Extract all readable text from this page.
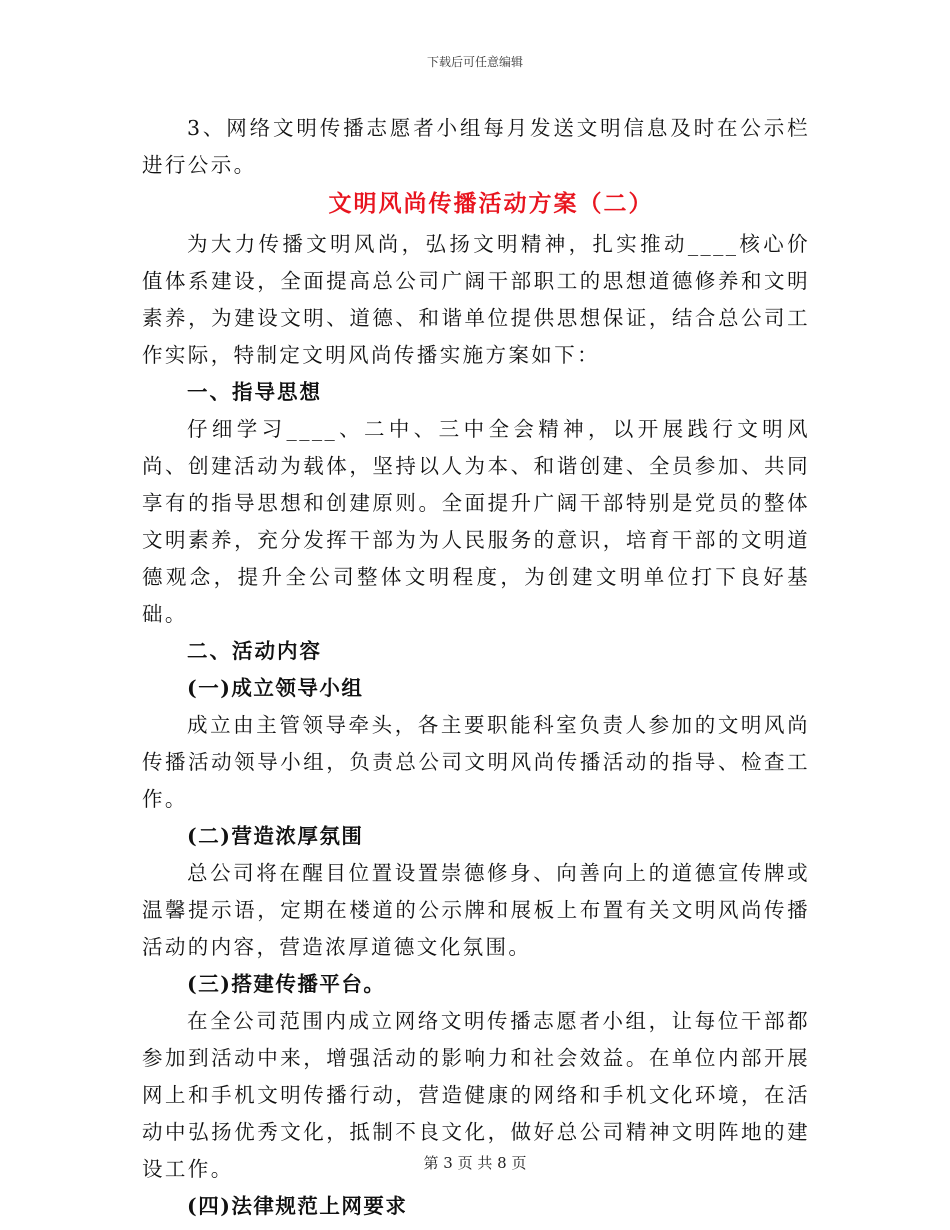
下载后可任意编辑

3、网络文明传播志愿者小组每月发送文明信息及时在公示栏进行公示。

文明风尚传播活动方案（二）

为大力传播文明风尚，弘扬文明精神，扎实推动____核心价值体系建设，全面提高总公司广阔干部职工的思想道德修养和文明素养，为建设文明、道德、和谐单位提供思想保证，结合总公司工作实际，特制定文明风尚传播实施方案如下：

一、指导思想

仔细学习____、二中、三中全会精神，以开展践行文明风尚、创建活动为载体，坚持以人为本、和谐创建、全员参加、共同享有的指导思想和创建原则。全面提升广阔干部特别是党员的整体文明素养，充分发挥干部为为人民服务的意识，培育干部的文明道德观念，提升全公司整体文明程度，为创建文明单位打下良好基础。

二、活动内容

(一)成立领导小组

成立由主管领导牵头，各主要职能科室负责人参加的文明风尚传播活动领导小组，负责总公司文明风尚传播活动的指导、检查工作。

(二)营造浓厚氛围

总公司将在醒目位置设置崇德修身、向善向上的道德宣传牌或温馨提示语，定期在楼道的公示牌和展板上布置有关文明风尚传播活动的内容，营造浓厚道德文化氛围。

(三)搭建传播平台。

在全公司范围内成立网络文明传播志愿者小组，让每位干部都参加到活动中来，增强活动的影响力和社会效益。在单位内部开展网上和手机文明传播行动，营造健康的网络和手机文化环境，在活动中弘扬优秀文化，抵制不良文化，做好总公司精神文明阵地的建设工作。

(四)法律规范上网要求

第 3 页 共 8 页
